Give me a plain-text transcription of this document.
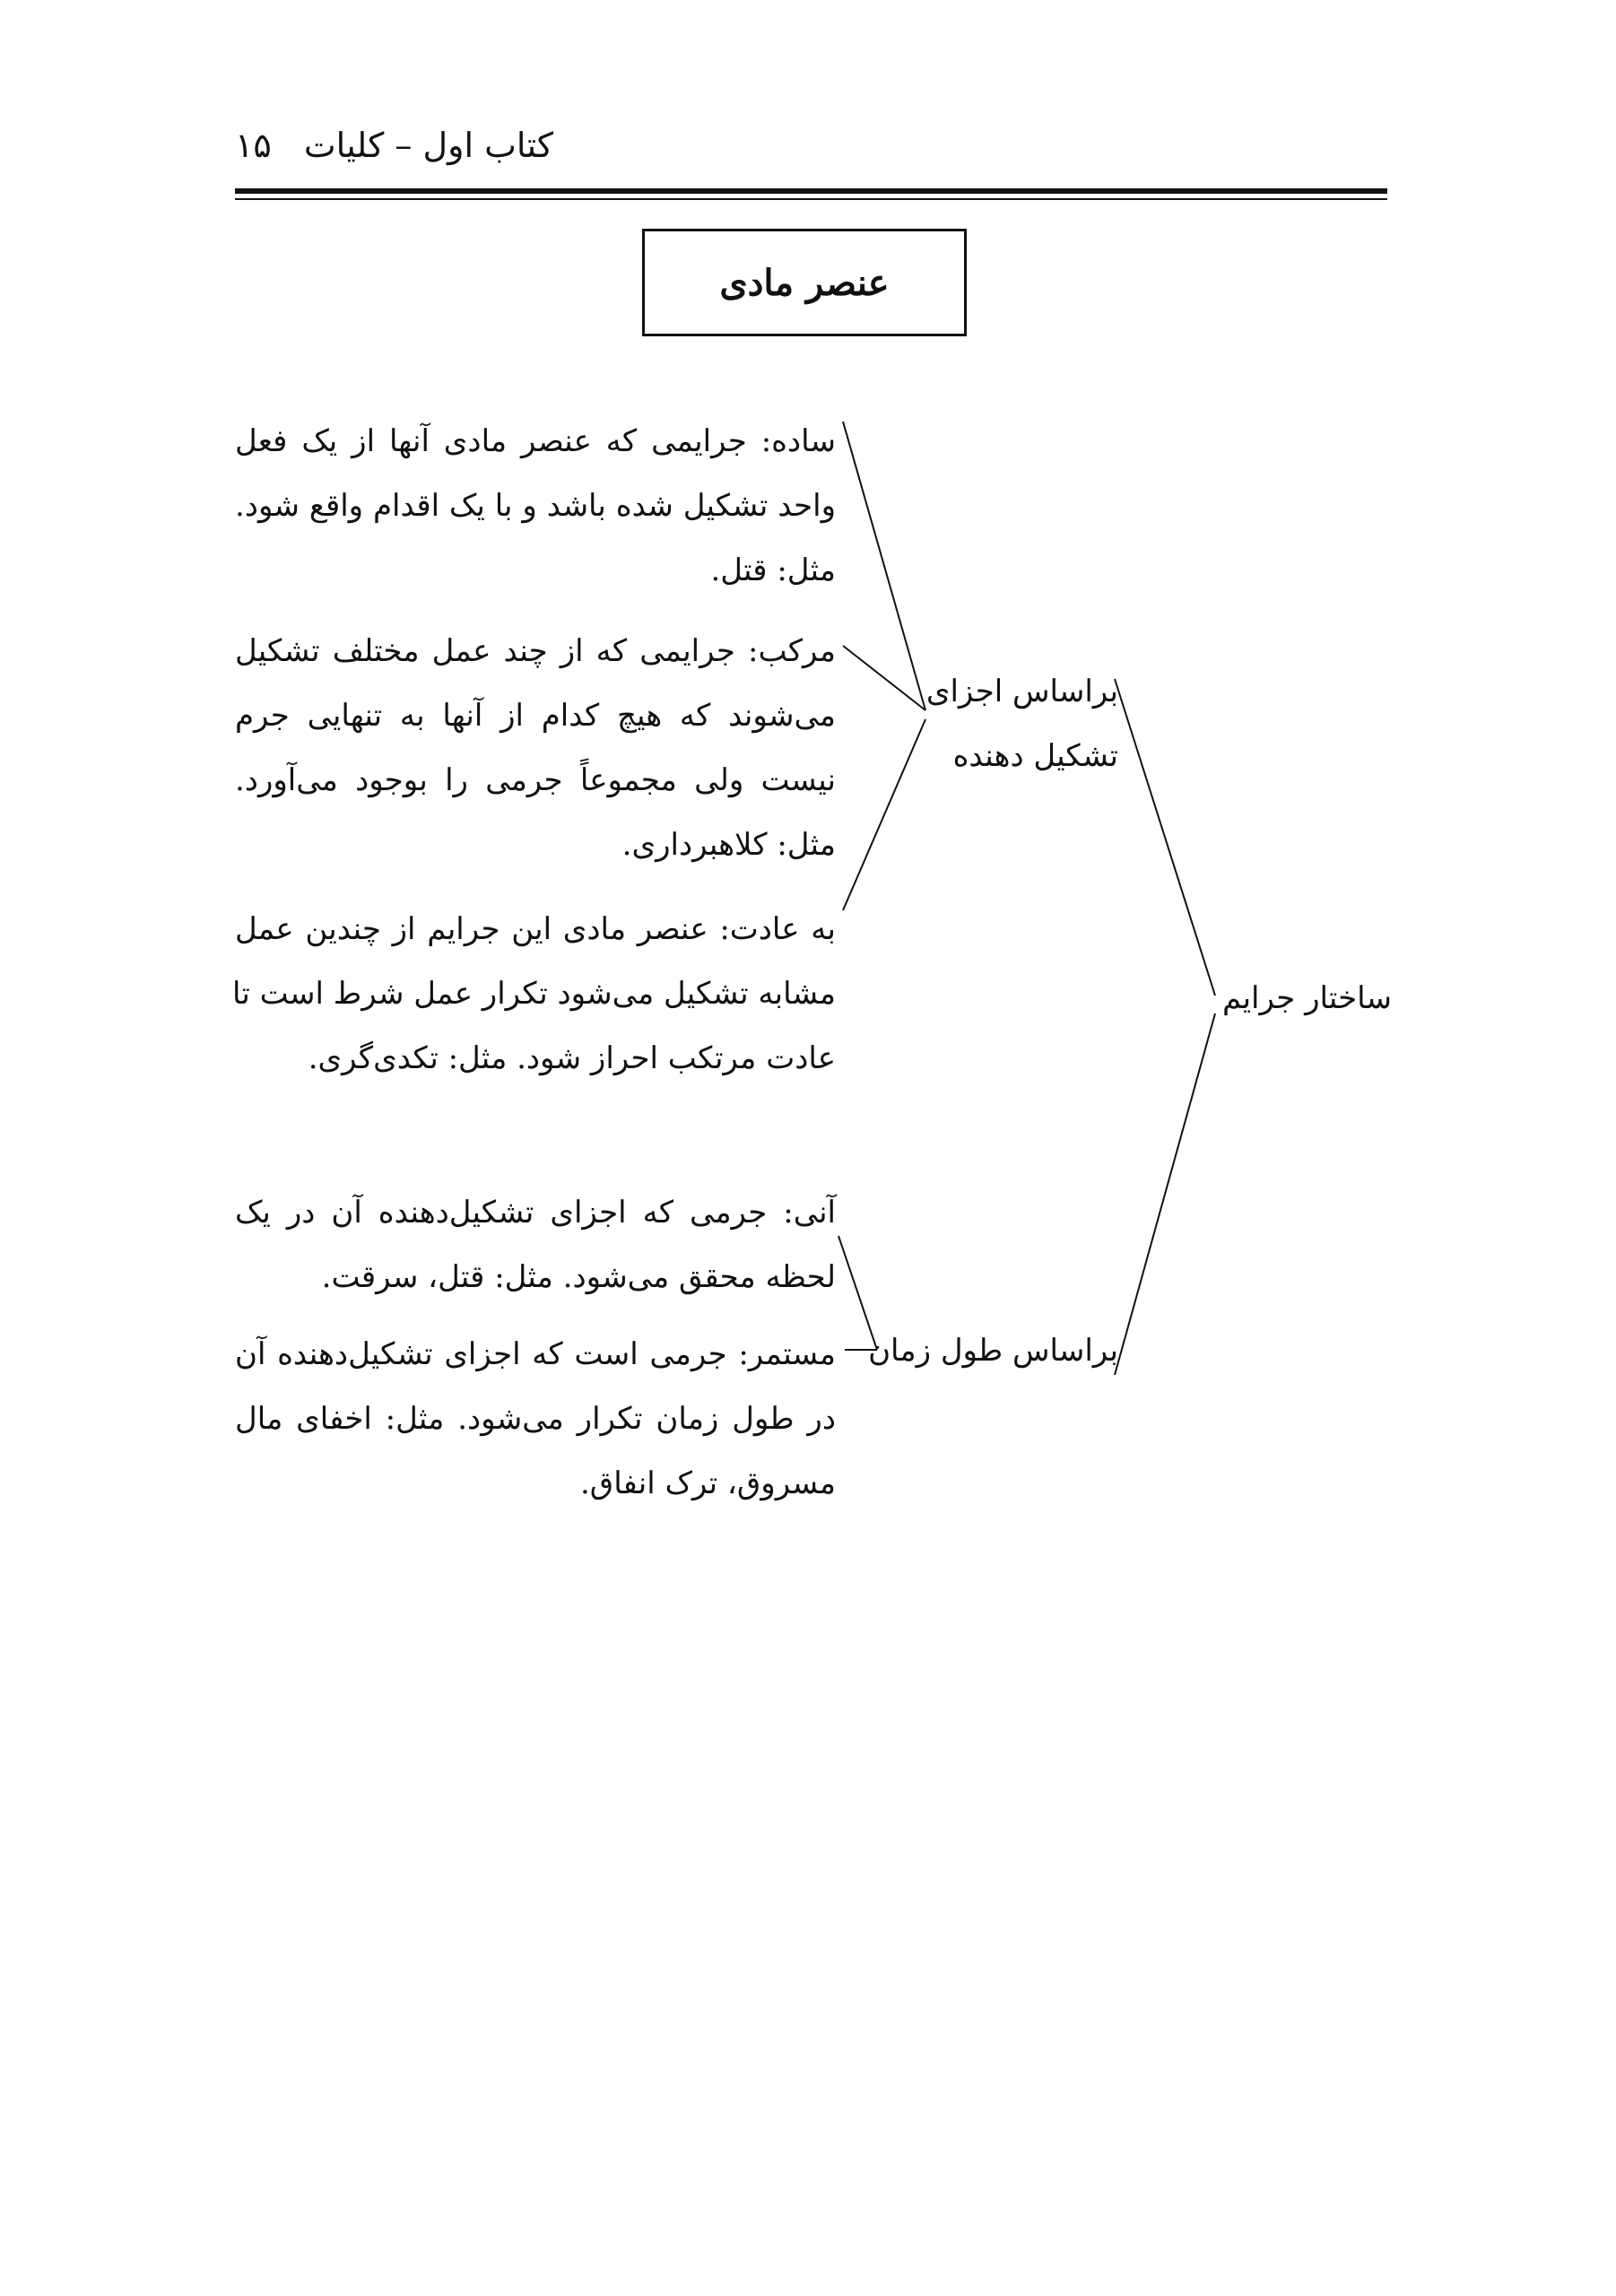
کتاب اول – کلیات
۱۵
عنصر مادی
ساختار جرایم
براساس اجزای
تشکیل دهنده
براساس طول زمان
ساده: جرایمی که عنصر مادی آنها از یک فعل
واحد تشکیل شده باشد و با یک اقدام واقع شود.
مثل: قتل.
مرکب: جرایمی که از چند عمل مختلف تشکیل
می‌شوند که هیچ کدام از آنها به تنهایی جرم
نیست ولی مجموعاً جرمی را بوجود می‌آورد.
مثل: کلاهبرداری.
به عادت: عنصر مادی این جرایم از چندین عمل
مشابه تشکیل می‌شود تکرار عمل شرط است تا
عادت مرتکب احراز شود. مثل: تکدی‌گری.
آنی: جرمی که اجزای تشکیل‌دهنده آن در یک
لحظه محقق می‌شود. مثل: قتل، سرقت.
مستمر: جرمی است که اجزای تشکیل‌دهنده آن
در طول زمان تکرار می‌شود. مثل: اخفای مال
مسروق، ترک انفاق.
